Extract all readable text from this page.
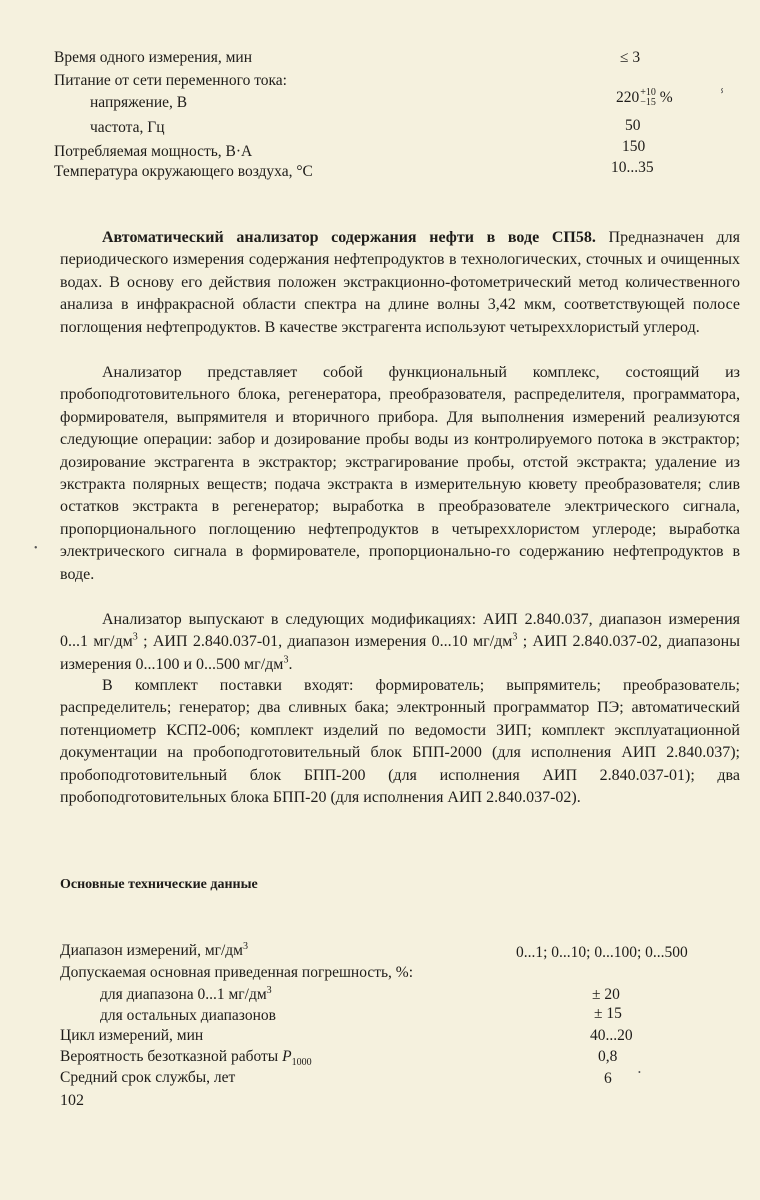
Время одного измерения, мин	≤ 3
Питание от сети переменного тока:
напряжение, В	220+10
−15 %
частота, Гц	50
Потребляемая мощность, В·А	150
Температура окружающего воздуха, °С	10...35

Автоматический анализатор содержания нефти в воде СП58. Предназначен для периодического измерения содержания нефтепродуктов в технологических, сточных и очищенных водах. В основу его действия положен экстракционно-фотометрический метод количественного анализа в инфракрасной области спектра на длине волны 3,42 мкм, соответствующей полосе поглощения нефтепродуктов. В качестве экстрагента используют четыреххлористый углерод.

Анализатор представляет собой функциональный комплекс, состоящий из пробоподготовительного блока, регенератора, преобразователя, распределителя, программатора, формирователя, выпрямителя и вторичного прибора. Для выполнения измерений реализуются следующие операции: забор и дозирование пробы воды из контролируемого потока в экстрактор; дозирование экстрагента в экстрактор; экстрагирование пробы, отстой экстракта; удаление из экстракта полярных веществ; подача экстракта в измерительную кювету преобразователя; слив остатков экстракта в регенератор; выработка в преобразователе электрического сигнала, пропорционального поглощению нефтепродуктов в четыреххлористом углероде; выработка электрического сигнала в формирователе, пропорционально-го содержанию нефтепродуктов в воде.

Анализатор выпускают в следующих модификациях: АИП 2.840.037, диапазон измерения 0...1 $мг/дм^3$ ; АИП 2.840.037-01, диапазон измерения 0...10 $мг/дм^3$ ; АИП 2.840.037-02, диапазоны измерения 0...100 и 0...500 $мг/дм^3$.

В комплект поставки входят: формирователь; выпрямитель; преобразователь; распределитель; генератор; два сливных бака; электронный программатор ПЭ; автоматический потенциометр КСП2-006; комплект изделий по ведомости ЗИП; комплект эксплуатационной документации на пробоподготовительный блок БПП-2000 (для исполнения АИП 2.840.037); пробоподготовительный блок БПП-200 (для исполнения АИП 2.840.037-01); два пробоподготовительных блока БПП-20 (для исполнения АИП 2.840.037-02).

Основные технические данные
Диапазон измерений, $мг/дм^3$	0...1; 0...10; 0...100; 0...500
Допускаемая основная приведенная погрешность, %:
для диапазона 0...1 $мг/дм^3$	± 20
для остальных диапазонов	± 15
Цикл измерений, мин	40...20
Вероятность безотказной работы $P_{1000}$	0,8
Средний срок службы, лет	6
102
ⸯ
•
•
